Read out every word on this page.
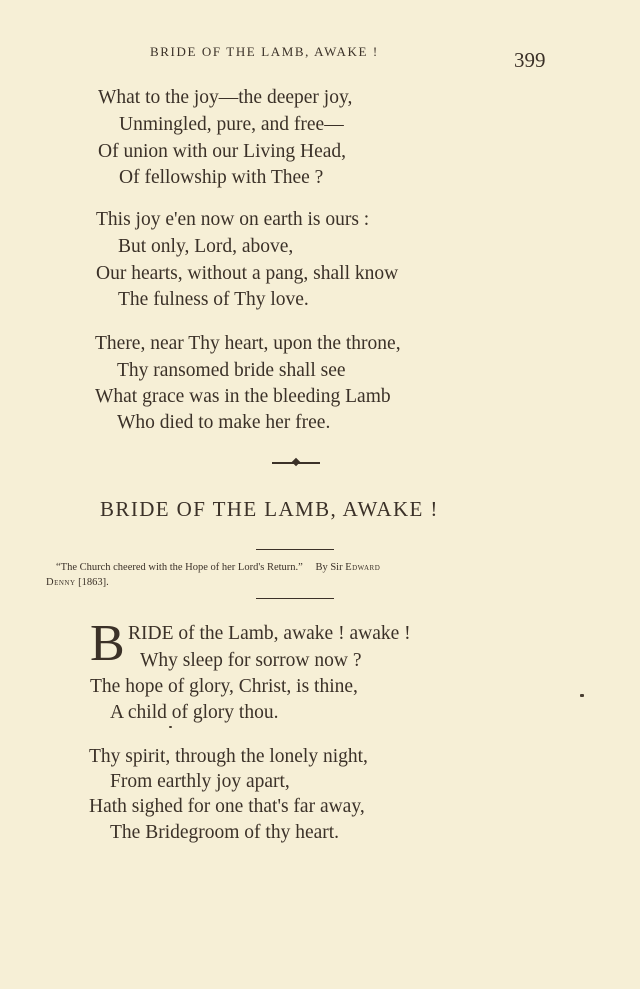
BRIDE OF THE LAMB, AWAKE !	399
What to the joy—the deeper joy,
Unmingled, pure, and free—
Of union with our Living Head,
Of fellowship with Thee ?
This joy e'en now on earth is ours :
But only, Lord, above,
Our hearts, without a pang, shall know
The fulness of Thy love.
There, near Thy heart, upon the throne,
Thy ransomed bride shall see
What grace was in the bleeding Lamb
Who died to make her free.
BRIDE OF THE LAMB, AWAKE !
“The Church cheered with the Hope of her Lord's Return.” By Sir Edward
Denny [1863].
B RIDE of the Lamb, awake ! awake !
Why sleep for sorrow now ?
The hope of glory, Christ, is thine,
A child of glory thou.
Thy spirit, through the lonely night,
From earthly joy apart,
Hath sighed for one that's far away,
The Bridegroom of thy heart.
